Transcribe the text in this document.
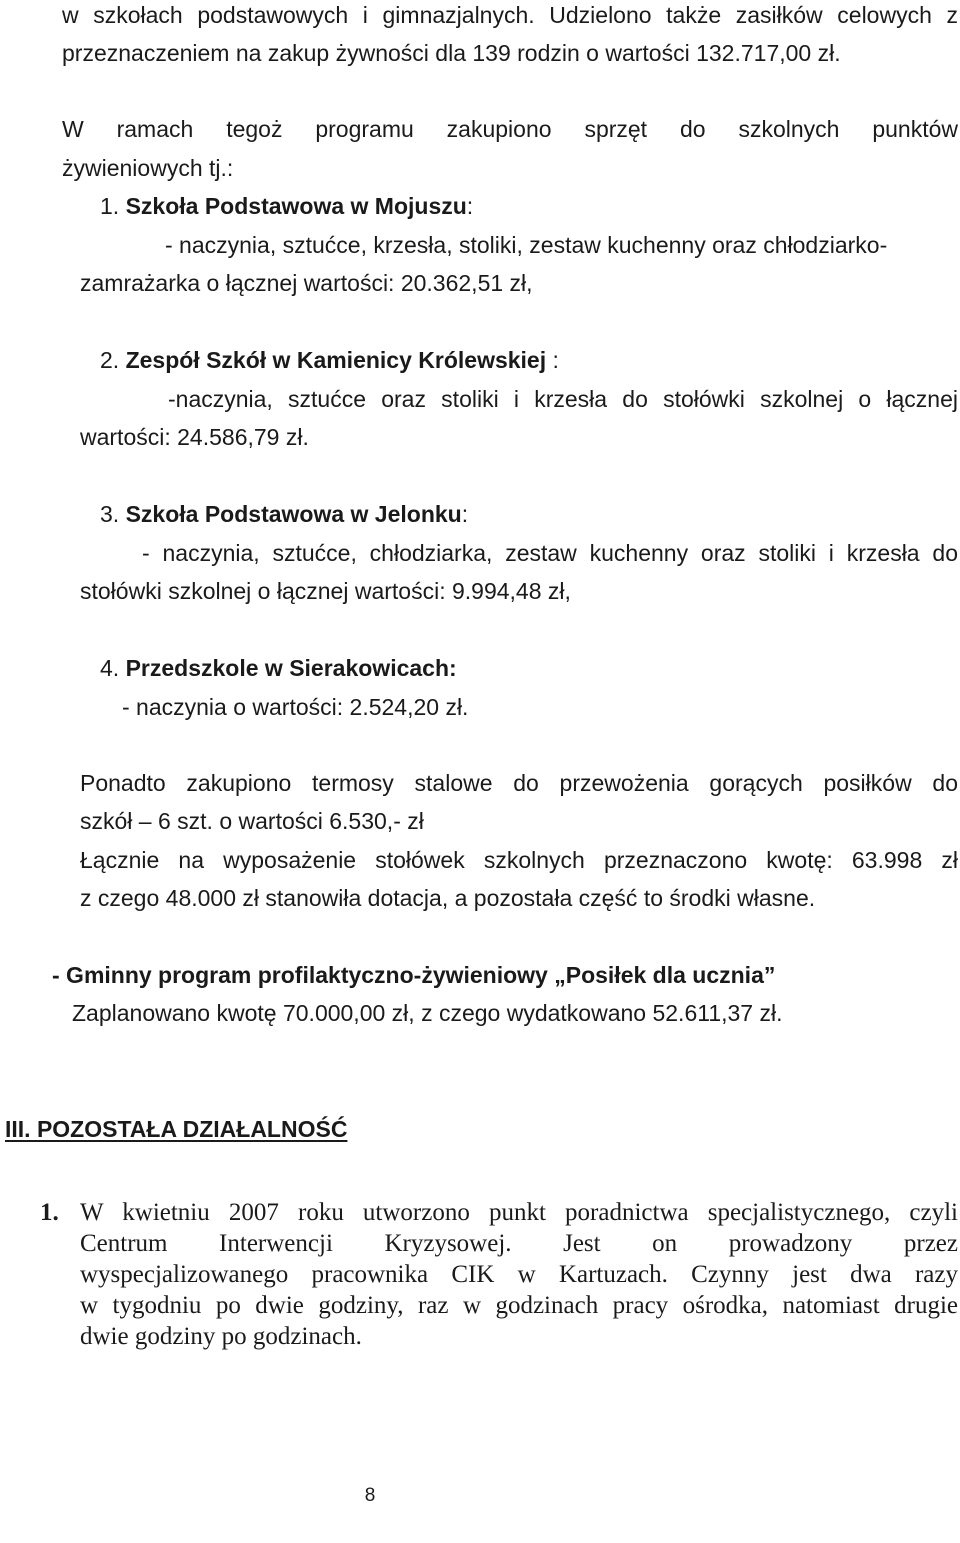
w szkołach podstawowych i gimnazjalnych. Udzielono także zasiłków celowych z
przeznaczeniem na zakup żywności dla 139 rodzin o wartości 132.717,00 zł.
W ramach tegoż programu zakupiono sprzęt do szkolnych punktów
żywieniowych tj.:
1. Szkoła Podstawowa w Mojuszu:
- naczynia, sztućce, krzesła, stoliki, zestaw kuchenny oraz chłodziarko-
zamrażarka o łącznej wartości: 20.362,51 zł,
2. Zespół Szkół w Kamienicy Królewskiej :
-naczynia, sztućce oraz stoliki i krzesła do stołówki szkolnej o łącznej
wartości: 24.586,79 zł.
3. Szkoła Podstawowa w Jelonku:
- naczynia, sztućce, chłodziarka, zestaw kuchenny oraz stoliki i krzesła do
stołówki szkolnej o łącznej wartości: 9.994,48 zł,
4. Przedszkole w Sierakowicach:
- naczynia o wartości: 2.524,20 zł.
Ponadto zakupiono termosy stalowe do przewożenia gorących posiłków do
szkół – 6 szt. o wartości 6.530,- zł
Łącznie na wyposażenie stołówek szkolnych przeznaczono kwotę: 63.998 zł
z czego 48.000 zł stanowiła dotacja, a pozostała część to środki własne.
- Gminny program profilaktyczno-żywieniowy „Posiłek dla ucznia”
Zaplanowano kwotę 70.000,00 zł, z czego wydatkowano 52.611,37 zł.
III. POZOSTAŁA DZIAŁALNOŚĆ
1. W kwietniu 2007 roku utworzono punkt poradnictwa specjalistycznego, czyli
Centrum Interwencji Kryzysowej. Jest on prowadzony przez
wyspecjalizowanego pracownika CIK w Kartuzach. Czynny jest dwa razy
w tygodniu po dwie godziny, raz w godzinach pracy ośrodka, natomiast drugie
dwie godziny po godzinach.
8
